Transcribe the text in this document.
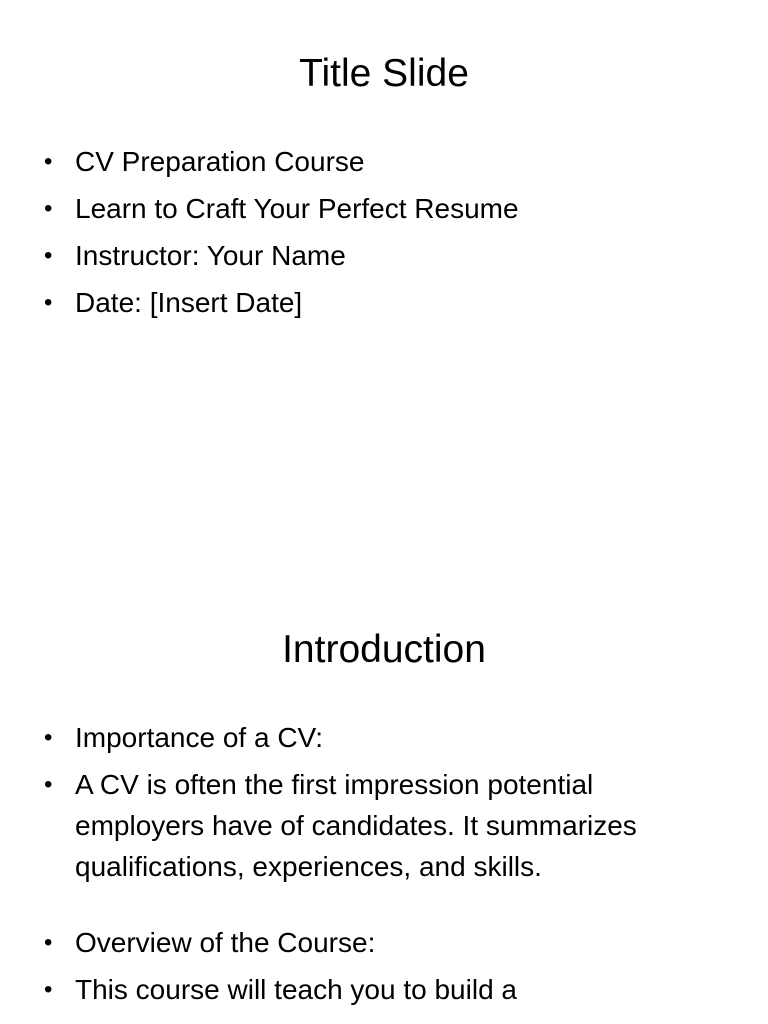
Title Slide
• CV Preparation Course
• Learn to Craft Your Perfect Resume
• Instructor: Your Name
• Date: [Insert Date]
Introduction
• Importance of a CV:
• A CV is often the first impression potential employers have of candidates. It summarizes qualifications, experiences, and skills.
• Overview of the Course:
• This course will teach you to build a
